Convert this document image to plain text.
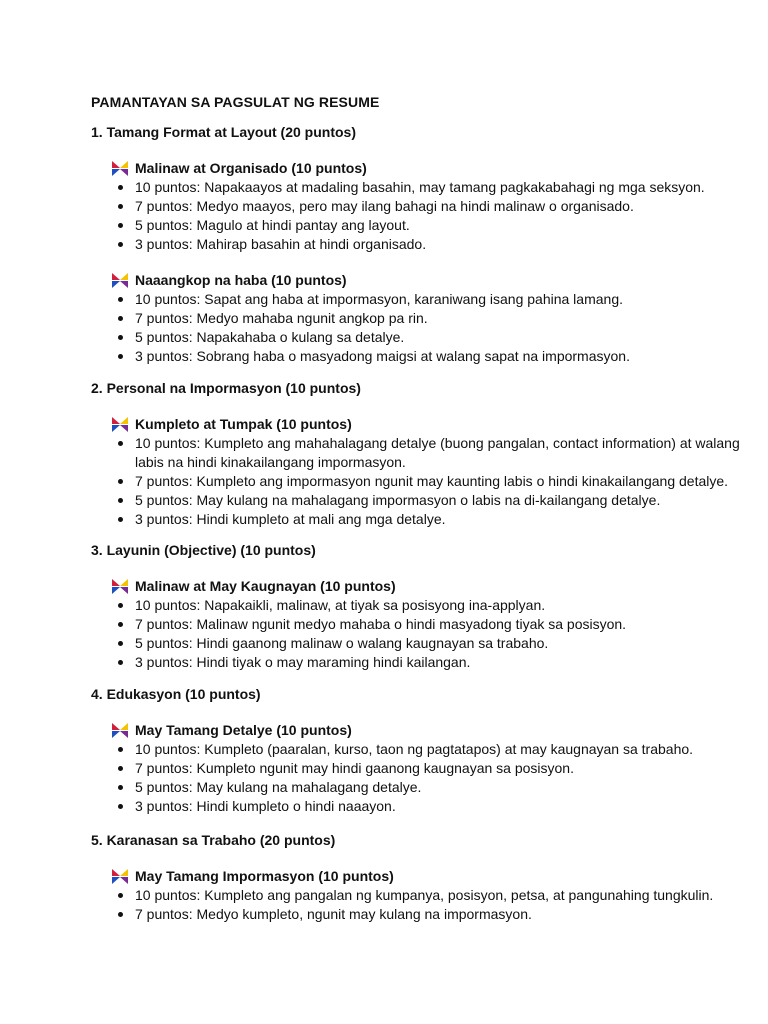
PAMANTAYAN SA PAGSULAT NG RESUME
1. Tamang Format at Layout (20 puntos)
Malinaw at Organisado (10 puntos)
10 puntos: Napakaayos at madaling basahin, may tamang pagkakabahagi ng mga seksyon.
7 puntos: Medyo maayos, pero may ilang bahagi na hindi malinaw o organisado.
5 puntos: Magulo at hindi pantay ang layout.
3 puntos: Mahirap basahin at hindi organisado.
Naaangkop na haba (10 puntos)
10 puntos: Sapat ang haba at impormasyon, karaniwang isang pahina lamang.
7 puntos: Medyo mahaba ngunit angkop pa rin.
5 puntos: Napakahaba o kulang sa detalye.
3 puntos: Sobrang haba o masyadong maigsi at walang sapat na impormasyon.
2. Personal na Impormasyon (10 puntos)
Kumpleto at Tumpak (10 puntos)
10 puntos: Kumpleto ang mahahalagang detalye (buong pangalan, contact information) at walang
labis na hindi kinakailangang impormasyon.
7 puntos: Kumpleto ang impormasyon ngunit may kaunting labis o hindi kinakailangang detalye.
5 puntos: May kulang na mahalagang impormasyon o labis na di-kailangang detalye.
3 puntos: Hindi kumpleto at mali ang mga detalye.
3. Layunin (Objective) (10 puntos)
Malinaw at May Kaugnayan (10 puntos)
10 puntos: Napakaikli, malinaw, at tiyak sa posisyong ina-applyan.
7 puntos: Malinaw ngunit medyo mahaba o hindi masyadong tiyak sa posisyon.
5 puntos: Hindi gaanong malinaw o walang kaugnayan sa trabaho.
3 puntos: Hindi tiyak o may maraming hindi kailangan.
4. Edukasyon (10 puntos)
May Tamang Detalye (10 puntos)
10 puntos: Kumpleto (paaralan, kurso, taon ng pagtatapos) at may kaugnayan sa trabaho.
7 puntos: Kumpleto ngunit may hindi gaanong kaugnayan sa posisyon.
5 puntos: May kulang na mahalagang detalye.
3 puntos: Hindi kumpleto o hindi naaayon.
5. Karanasan sa Trabaho (20 puntos)
May Tamang Impormasyon (10 puntos)
10 puntos: Kumpleto ang pangalan ng kumpanya, posisyon, petsa, at pangunahing tungkulin.
7 puntos: Medyo kumpleto, ngunit may kulang na impormasyon.
